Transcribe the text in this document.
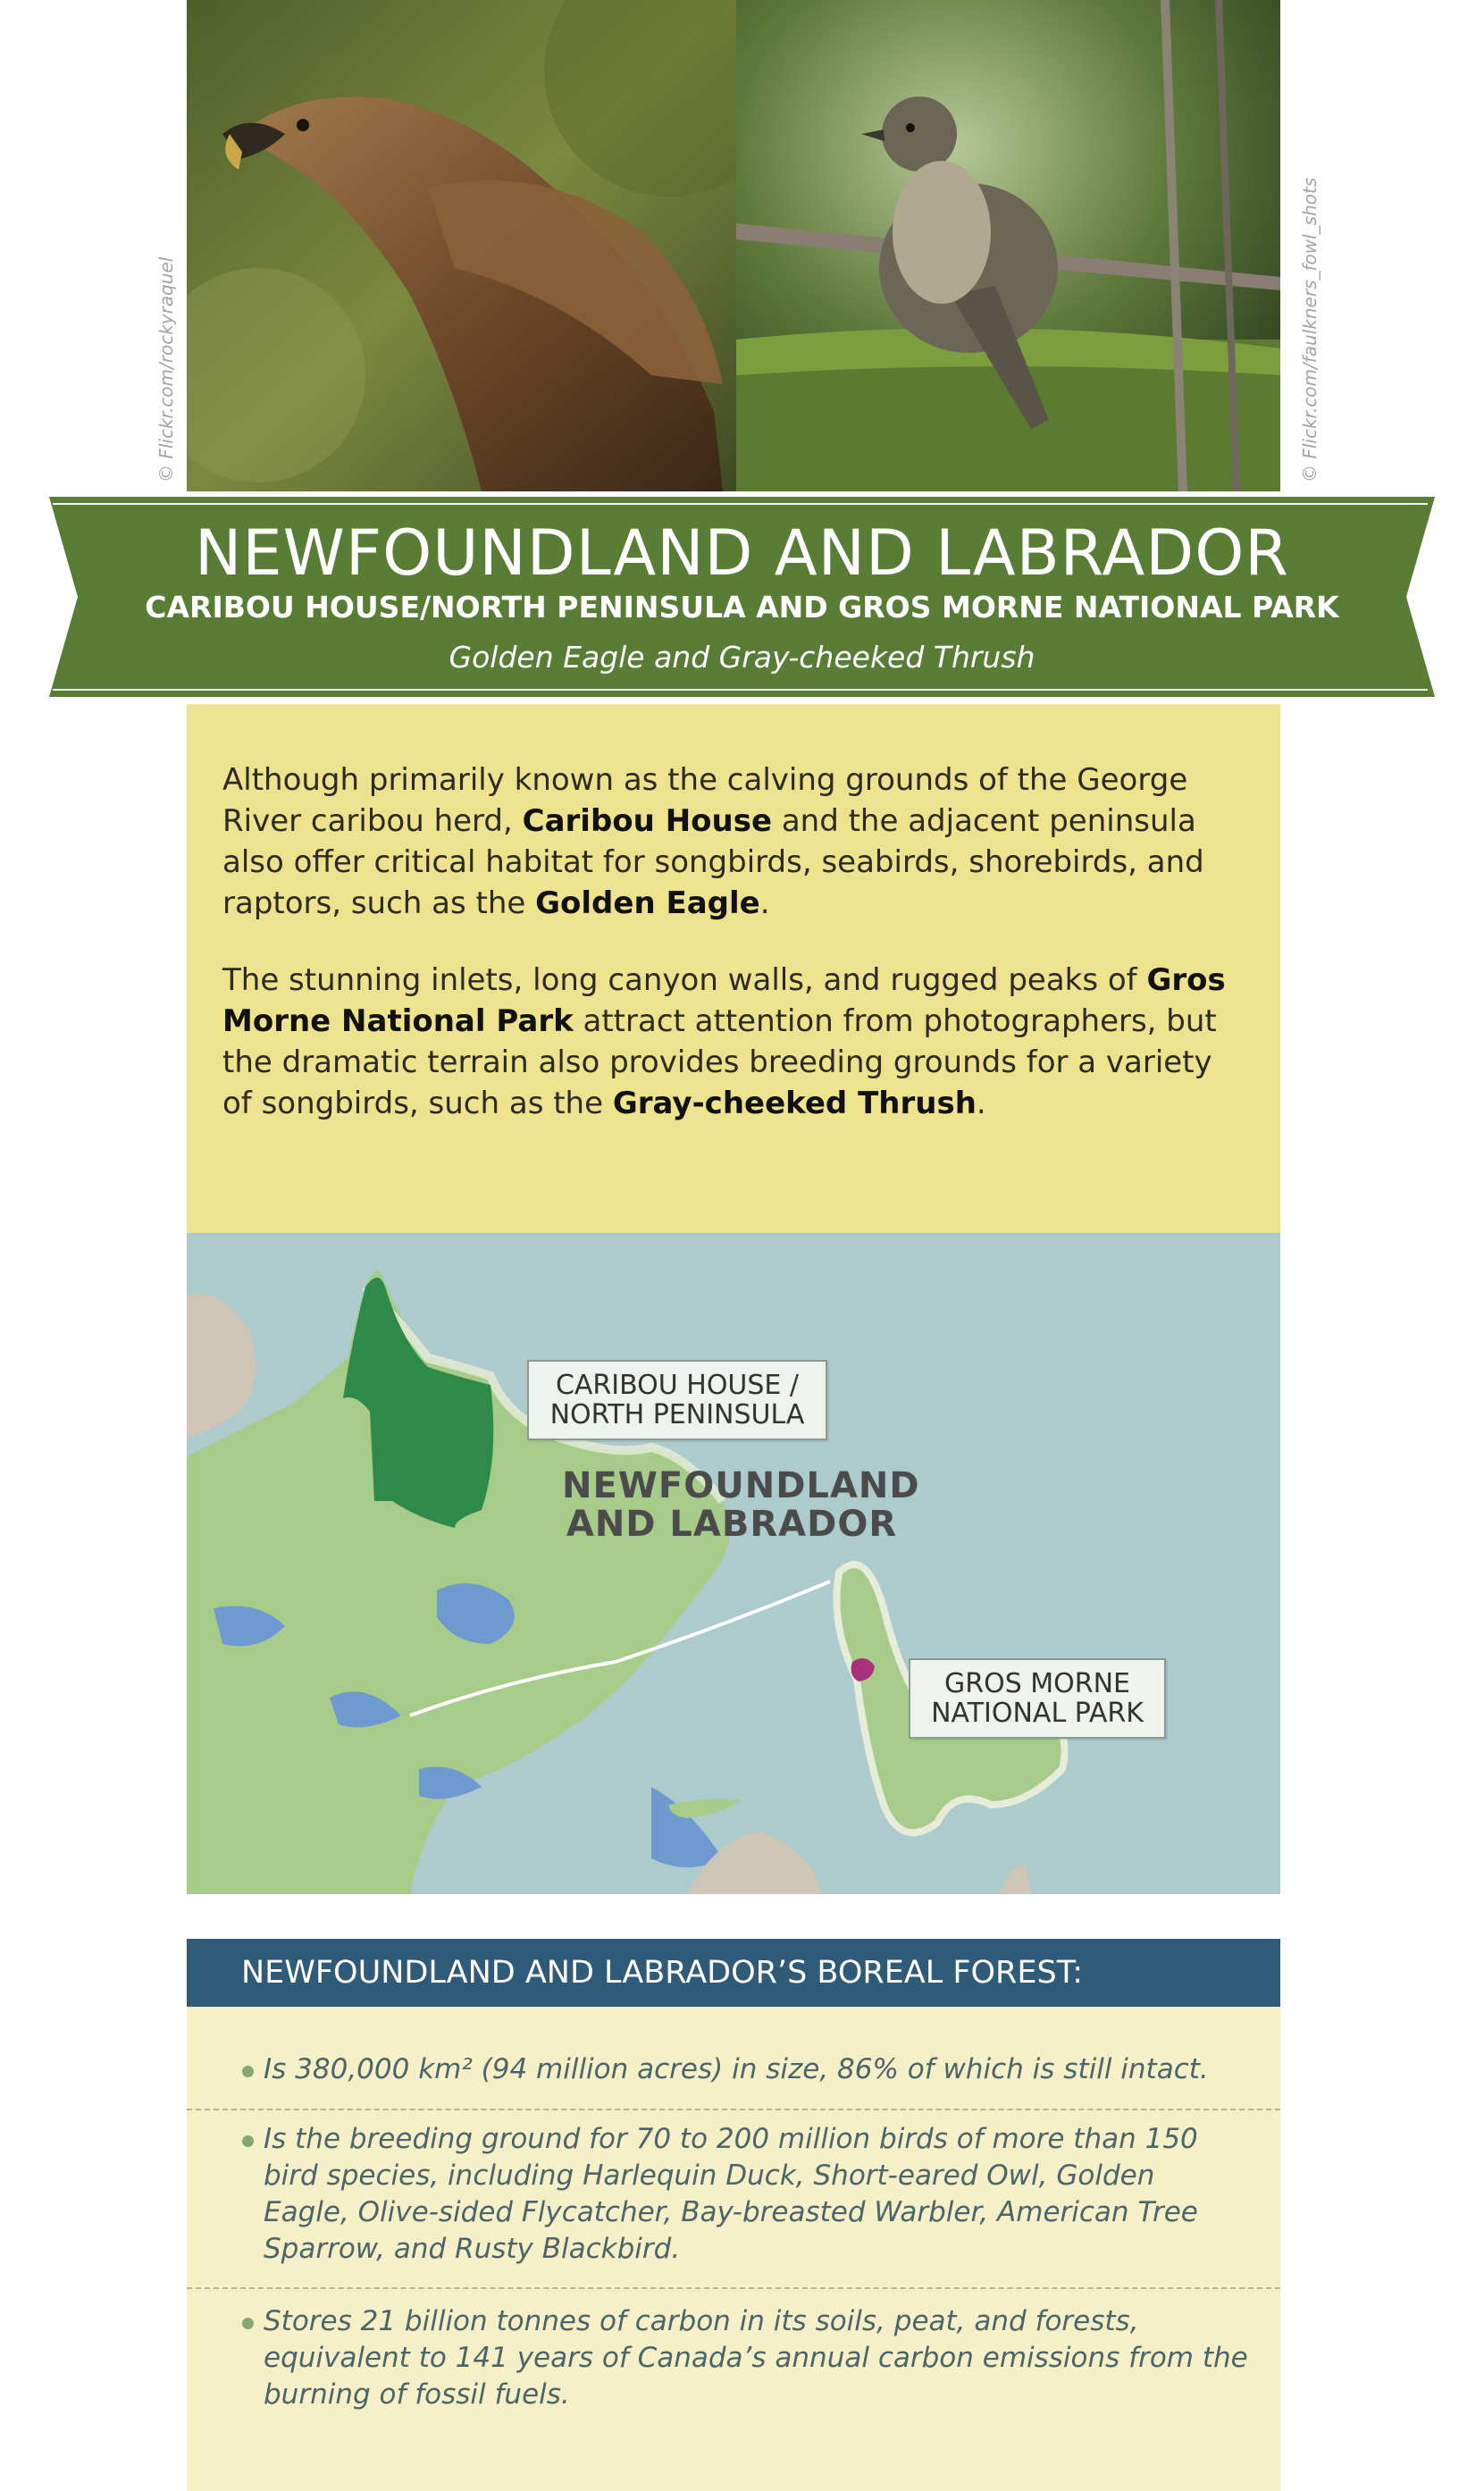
© Flickr.com/rockyraquel	© Flickr.com/faulkners_fowl_shots
NEWFOUNDLAND AND LABRADOR
CARIBOU HOUSE/NORTH PENINSULA AND GROS MORNE NATIONAL PARK
Golden Eagle and Gray-cheeked Thrush

Although primarily known as the calving grounds of the George River caribou herd, Caribou House and the adjacent peninsula also offer critical habitat for songbirds, seabirds, shorebirds, and raptors, such as the Golden Eagle.

The stunning inlets, long canyon walls, and rugged peaks of Gros Morne National Park attract attention from photographers, but the dramatic terrain also provides breeding grounds for a variety of songbirds, such as the Gray-cheeked Thrush.

CARIBOU HOUSE /
NORTH PENINSULA
NEWFOUNDLAND
AND LABRADOR
GROS MORNE
NATIONAL PARK
NEWFOUNDLAND AND LABRADOR’S BOREAL FOREST:
Is 380,000 km² (94 million acres) in size, 86% of which is still intact.
Is the breeding ground for 70 to 200 million birds of more than 150 bird species, including Harlequin Duck, Short-eared Owl, Golden Eagle, Olive-sided Flycatcher, Bay-breasted Warbler, American Tree Sparrow, and Rusty Blackbird.
Stores 21 billion tonnes of carbon in its soils, peat, and forests, equivalent to 141 years of Canada’s annual carbon emissions from the burning of fossil fuels.
